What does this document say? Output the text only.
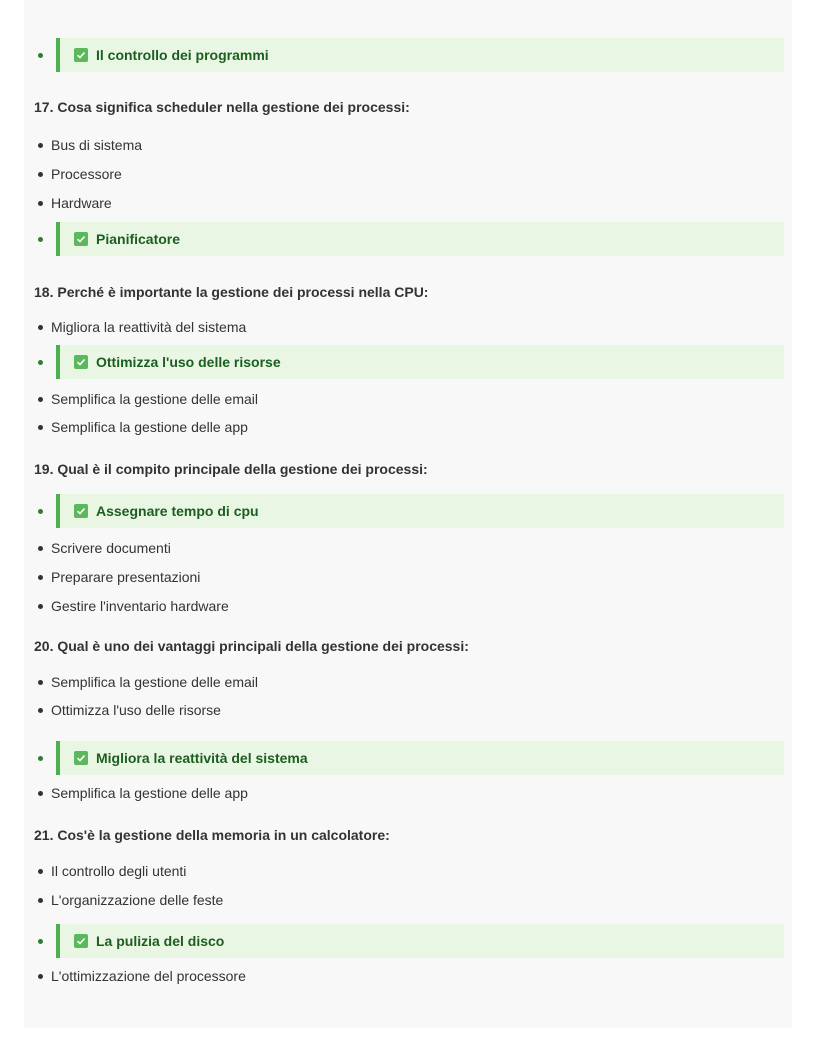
Il controllo dei programmi
17. Cosa significa scheduler nella gestione dei processi:
Bus di sistema
Processore
Hardware
Pianificatore
18. Perché è importante la gestione dei processi nella CPU:
Migliora la reattività del sistema
Ottimizza l'uso delle risorse
Semplifica la gestione delle email
Semplifica la gestione delle app
19. Qual è il compito principale della gestione dei processi:
Assegnare tempo di cpu
Scrivere documenti
Preparare presentazioni
Gestire l'inventario hardware
20. Qual è uno dei vantaggi principali della gestione dei processi:
Semplifica la gestione delle email
Ottimizza l'uso delle risorse
Migliora la reattività del sistema
Semplifica la gestione delle app
21. Cos'è la gestione della memoria in un calcolatore:
Il controllo degli utenti
L'organizzazione delle feste
La pulizia del disco
L'ottimizzazione del processore
